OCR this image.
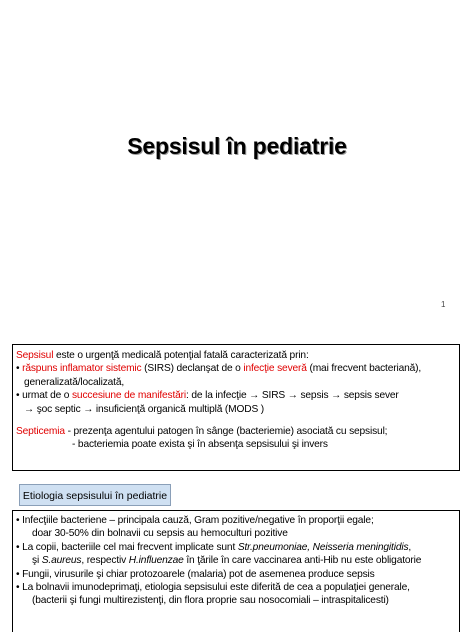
Sepsisul în pediatrie
1
Sepsisul este o urgenţă medicală potenţial fatală caracterizată prin:
• răspuns inflamator sistemic (SIRS) declanşat de o infecţie severă (mai frecvent bacteriană),
generalizată/localizată,
• urmat de o succesiune de manifestări: de la infecţie → SIRS → sepsis → sepsis sever
→ şoc septic → insuficienţă organică multiplă (MODS )
Septicemia - prezenţa agentului patogen în sânge (bacteriemie) asociată cu sepsisul;
- bacteriemia poate exista şi în absenţa sepsisului şi invers
Etiologia sepsisului în pediatrie
• Infecţiile bacteriene – principala cauză, Gram pozitive/negative în proporţii egale;
doar 30-50% din bolnavii cu sepsis au hemoculturi pozitive
• La copii, bacteriile cel mai frecvent implicate sunt Str.pneumoniae, Neisseria meningitidis,
şi S.aureus, respectiv H.influenzae în ţările în care vaccinarea anti-Hib nu este obligatorie
• Fungii, virusurile şi chiar protozoarele (malaria) pot de asemenea produce sepsis
• La bolnavii imunodeprimaţi, etiologia sepsisului este diferită de cea a populaţiei generale,
(bacterii şi fungi multirezistenţi, din flora proprie sau nosocomiali – intraspitalicesti)
